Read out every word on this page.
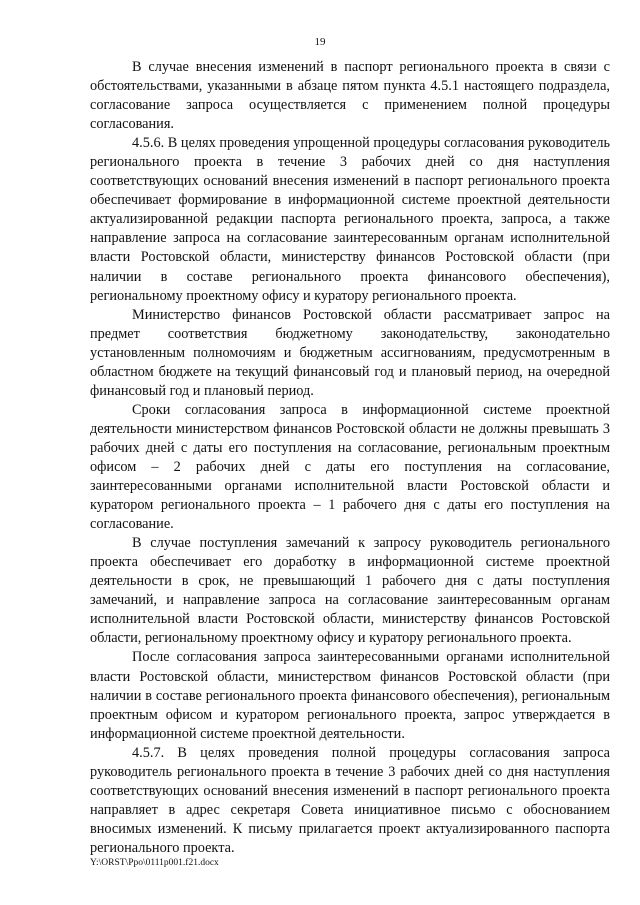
19

В случае внесения изменений в паспорт регионального проекта в связи с обстоятельствами, указанными в абзаце пятом пункта 4.5.1 настоящего подраздела, согласование запроса осуществляется с применением полной процедуры согласования.

4.5.6. В целях проведения упрощенной процедуры согласования руководитель регионального проекта в течение 3 рабочих дней со дня наступления соответствующих оснований внесения изменений в паспорт регионального проекта обеспечивает формирование в информационной системе проектной деятельности актуализированной редакции паспорта регионального проекта, запроса, а также направление запроса на согласование заинтересованным органам исполнительной власти Ростовской области, министерству финансов Ростовской области (при наличии в составе регионального проекта финансового обеспечения), региональному проектному офису и куратору регионального проекта.

Министерство финансов Ростовской области рассматривает запрос на предмет соответствия бюджетному законодательству, законодательно установленным полномочиям и бюджетным ассигнованиям, предусмотренным в областном бюджете на текущий финансовый год и плановый период, на очередной финансовый год и плановый период.

Сроки согласования запроса в информационной системе проектной деятельности министерством финансов Ростовской области не должны превышать 3 рабочих дней с даты его поступления на согласование, региональным проектным офисом – 2 рабочих дней с даты его поступления на согласование, заинтересованными органами исполнительной власти Ростовской области и куратором регионального проекта – 1 рабочего дня с даты его поступления на согласование.

В случае поступления замечаний к запросу руководитель регионального проекта обеспечивает его доработку в информационной системе проектной деятельности в срок, не превышающий 1 рабочего дня с даты поступления замечаний, и направление запроса на согласование заинтересованным органам исполнительной власти Ростовской области, министерству финансов Ростовской области, региональному проектному офису и куратору регионального проекта.

После согласования запроса заинтересованными органами исполнительной власти Ростовской области, министерством финансов Ростовской области (при наличии в составе регионального проекта финансового обеспечения), региональным проектным офисом и куратором регионального проекта, запрос утверждается в информационной системе проектной деятельности.

4.5.7. В целях проведения полной процедуры согласования запроса руководитель регионального проекта в течение 3 рабочих дней со дня наступления соответствующих оснований внесения изменений в паспорт регионального проекта направляет в адрес секретаря Совета инициативное письмо с обоснованием вносимых изменений. К письму прилагается проект актуализированного паспорта регионального проекта.

Y:\ORST\Ppo\0111p001.f21.docx
